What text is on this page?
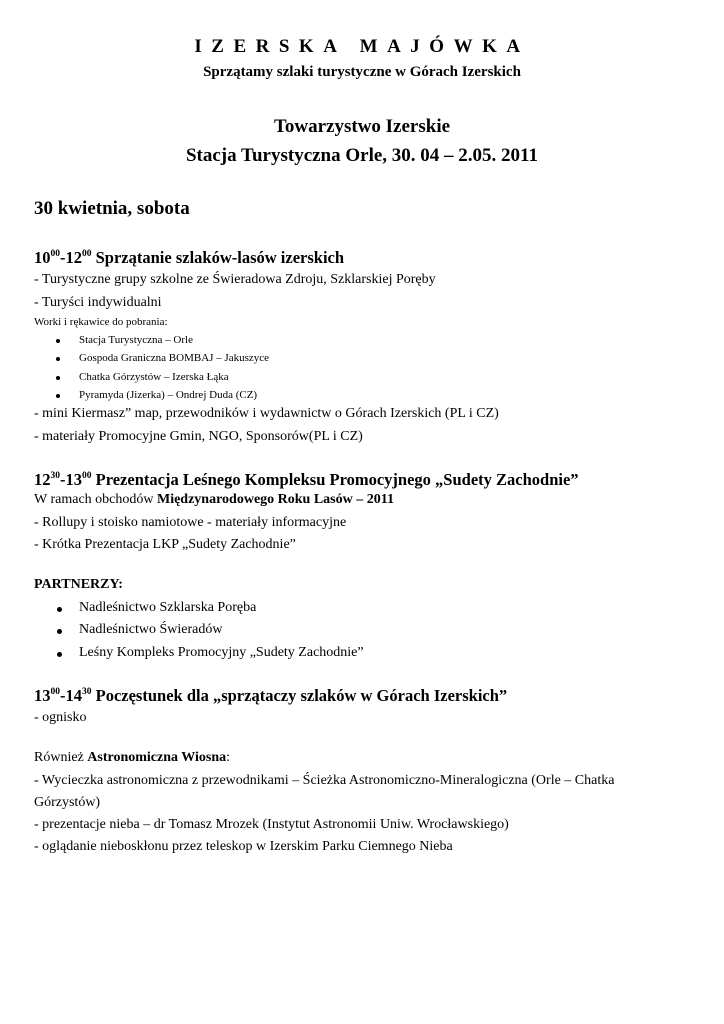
IZERSKA MAJÓWKA
Sprzątamy szlaki turystyczne w Górach Izerskich
Towarzystwo Izerskie
Stacja Turystyczna Orle, 30. 04 – 2.05. 2011
30 kwietnia, sobota
$10^{00}-12^{00}$ Sprzątanie szlaków-lasów izerskich
- Turystyczne grupy szkolne ze Świeradowa Zdroju, Szklarskiej Poręby
- Turyści indywidualni
Worki i rękawice do pobrania:
Stacja Turystyczna – Orle
Gospoda Graniczna BOMBAJ – Jakuszyce
Chatka Górzystów – Izerska Łąka
Pyramyda (Jizerka) – Ondrej Duda (CZ)
- mini Kiermasz” map, przewodników i wydawnictw o Górach Izerskich (PL i CZ)
- materiały Promocyjne Gmin, NGO, Sponsorów(PL i CZ)
$12^{30}-13^{00}$ Prezentacja Leśnego Kompleksu Promocyjnego „Sudety Zachodnie”
W ramach obchodów Międzynarodowego Roku Lasów – 2011
- Rollupy i stoisko namiotowe - materiały informacyjne
- Krótka Prezentacja LKP „Sudety Zachodnie”
PARTNERZY:
Nadleśnictwo Szklarska Poręba
Nadleśnictwo Świeradów
Leśny Kompleks Promocyjny „Sudety Zachodnie”
$13^{00}-14^{30}$ Poczęstunek dla „sprzątaczy szlaków w Górach Izerskich”
- ognisko
Również Astronomiczna Wiosna:
- Wycieczka astronomiczna z przewodnikami – Ścieżka Astronomiczno-Mineralogiczna (Orle – Chatka
Górzystów)
- prezentacje nieba – dr Tomasz Mrozek (Instytut Astronomii Uniw. Wrocławskiego)
- oglądanie nieboskłonu przez teleskop w Izerskim Parku Ciemnego Nieba
